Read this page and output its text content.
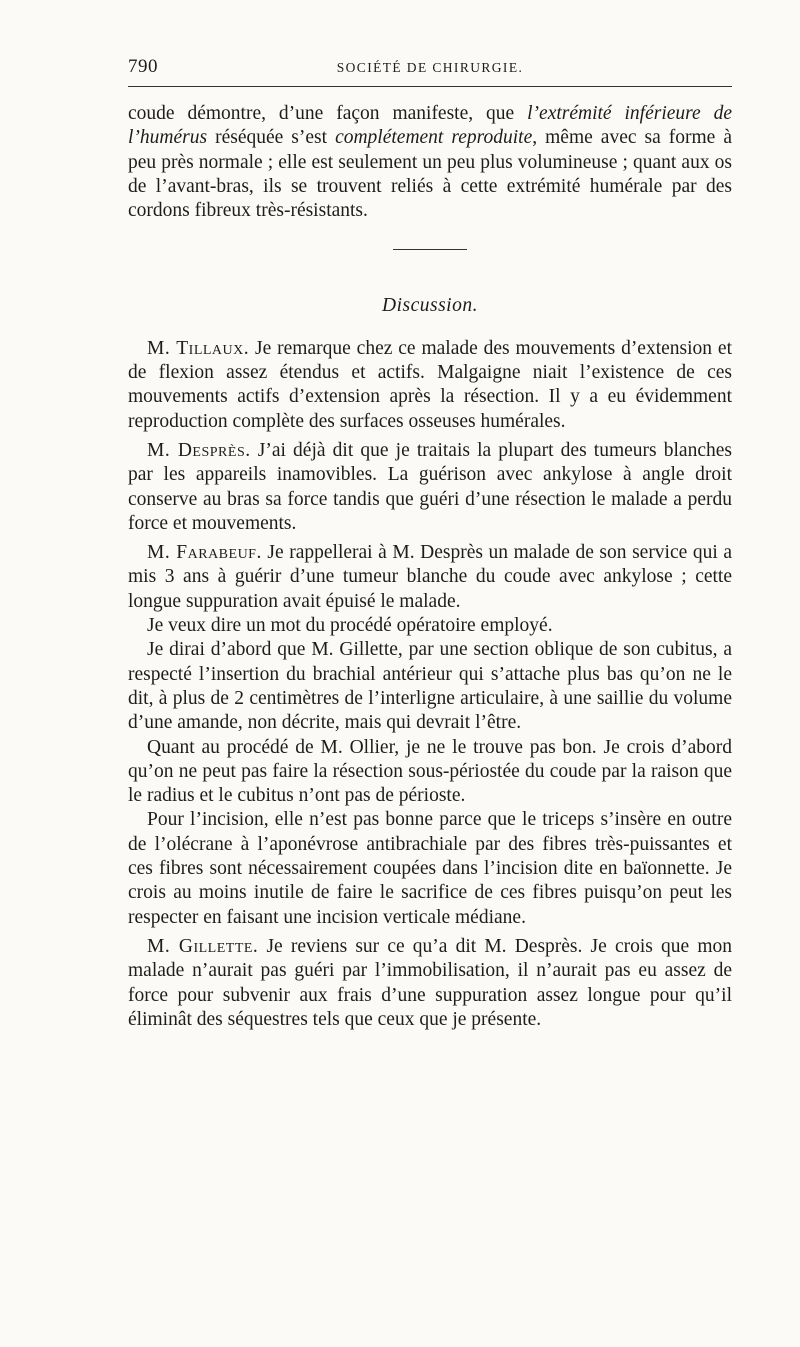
790	SOCIÉTÉ DE CHIRURGIE.

coude démontre, d’une façon manifeste, que l’extrémité inférieure de l’humérus réséquée s’est complétement reproduite, même avec sa forme à peu près normale ; elle est seulement un peu plus volumineuse ; quant aux os de l’avant-bras, ils se trouvent reliés à cette extrémité humérale par des cordons fibreux très-résistants.

Discussion.

M. Tillaux. Je remarque chez ce malade des mouvements d’extension et de flexion assez étendus et actifs. Malgaigne niait l’existence de ces mouvements actifs d’extension après la résection. Il y a eu évidemment reproduction complète des surfaces osseuses humérales.

M. Desprès. J’ai déjà dit que je traitais la plupart des tumeurs blanches par les appareils inamovibles. La guérison avec ankylose à angle droit conserve au bras sa force tandis que guéri d’une résection le malade a perdu force et mouvements.

M. Farabeuf. Je rappellerai à M. Desprès un malade de son service qui a mis 3 ans à guérir d’une tumeur blanche du coude avec ankylose ; cette longue suppuration avait épuisé le malade.

Je veux dire un mot du procédé opératoire employé.

Je dirai d’abord que M. Gillette, par une section oblique de son cubitus, a respecté l’insertion du brachial antérieur qui s’attache plus bas qu’on ne le dit, à plus de 2 centimètres de l’interligne articulaire, à une saillie du volume d’une amande, non décrite, mais qui devrait l’être.

Quant au procédé de M. Ollier, je ne le trouve pas bon. Je crois d’abord qu’on ne peut pas faire la résection sous-périostée du coude par la raison que le radius et le cubitus n’ont pas de périoste.

Pour l’incision, elle n’est pas bonne parce que le triceps s’insère en outre de l’olécrane à l’aponévrose antibrachiale par des fibres très-puissantes et ces fibres sont nécessairement coupées dans l’incision dite en baïonnette. Je crois au moins inutile de faire le sacrifice de ces fibres puisqu’on peut les respecter en faisant une incision verticale médiane.

M. Gillette. Je reviens sur ce qu’a dit M. Desprès. Je crois que mon malade n’aurait pas guéri par l’immobilisation, il n’aurait pas eu assez de force pour subvenir aux frais d’une suppuration assez longue pour qu’il éliminât des séquestres tels que ceux que je présente.
